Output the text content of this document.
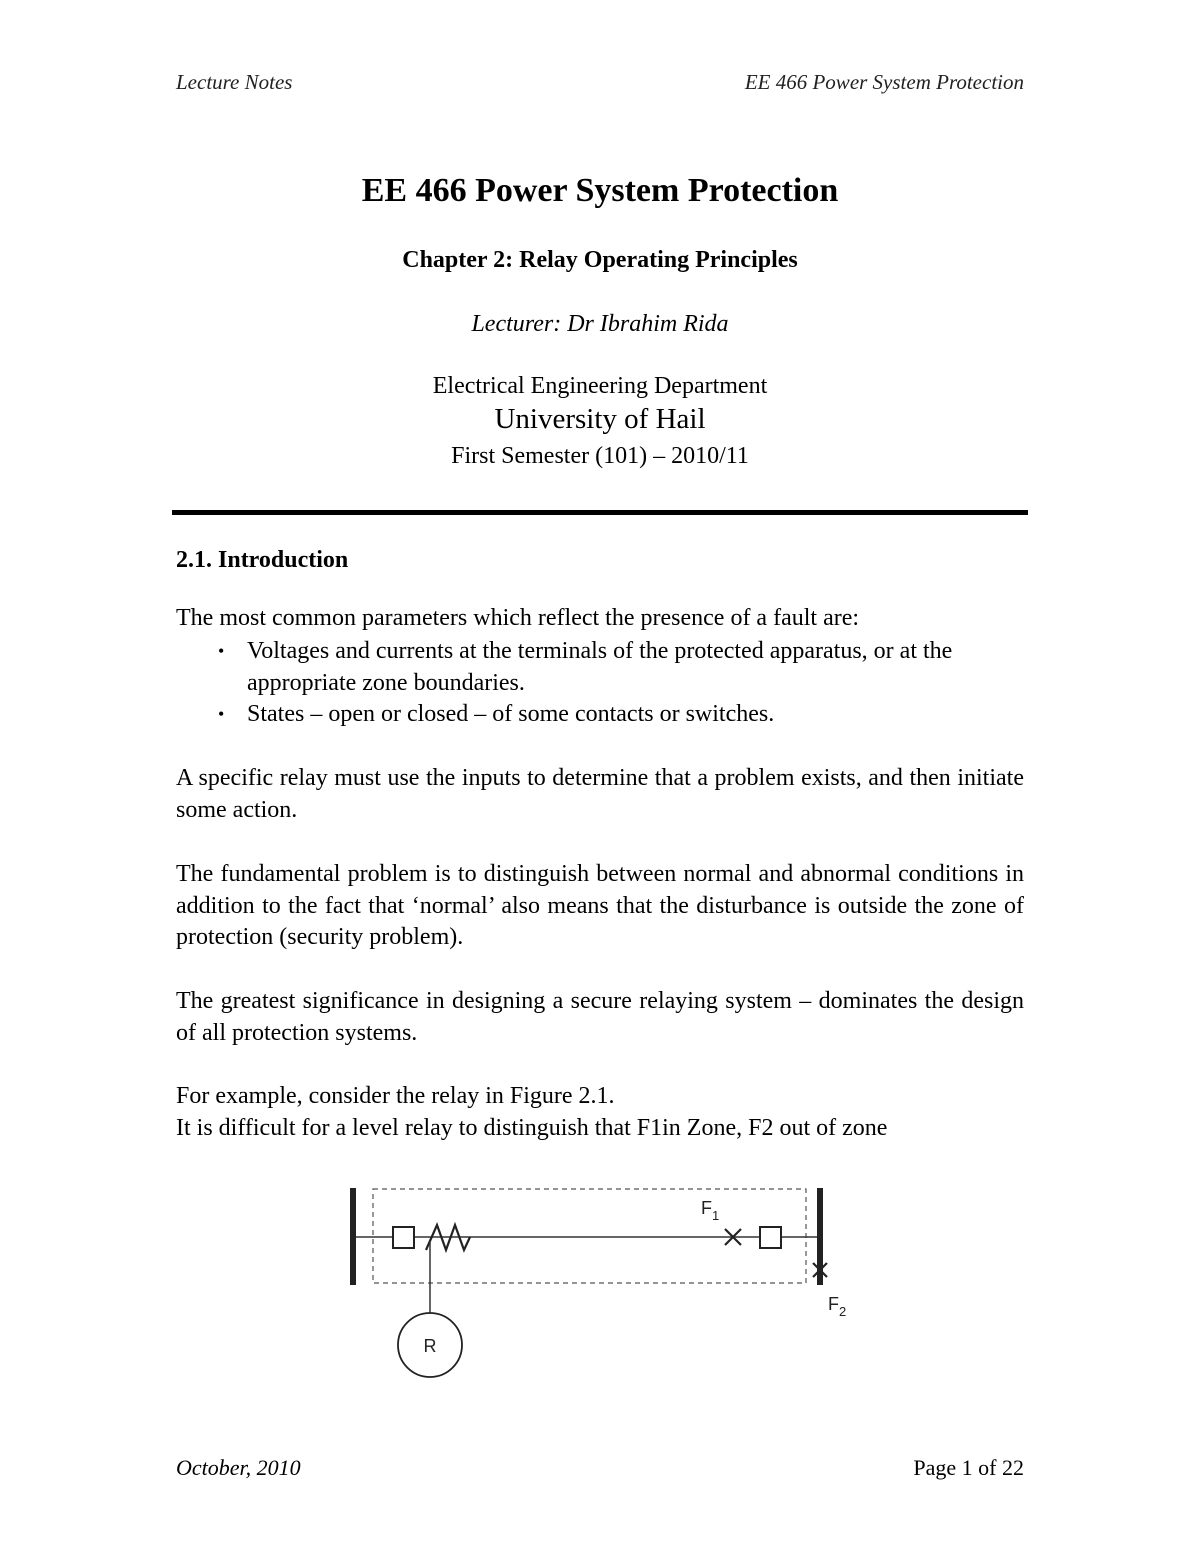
Lecture Notes	EE 466 Power System Protection
EE 466 Power System Protection
Chapter 2: Relay Operating Principles
Lecturer: Dr Ibrahim Rida
Electrical Engineering Department
University of Hail
First Semester (101) – 2010/11
2.1. Introduction
The most common parameters which reflect the presence of a fault are:
• Voltages and currents at the terminals of the protected apparatus, or at the appropriate zone boundaries.
• States – open or closed – of some contacts or switches.
A specific relay must use the inputs to determine that a problem exists, and then initiate some action.
The fundamental problem is to distinguish between normal and abnormal conditions in addition to the fact that ‘normal’ also means that the disturbance is outside the zone of protection (security problem).
The greatest significance in designing a secure relaying system – dominates the design of all protection systems.
For example, consider the relay in Figure 2.1.
It is difficult for a level relay to distinguish that F1in Zone, F2 out of zone
R
$F_1$
$F_2$
October, 2010	Page 1 of 22
